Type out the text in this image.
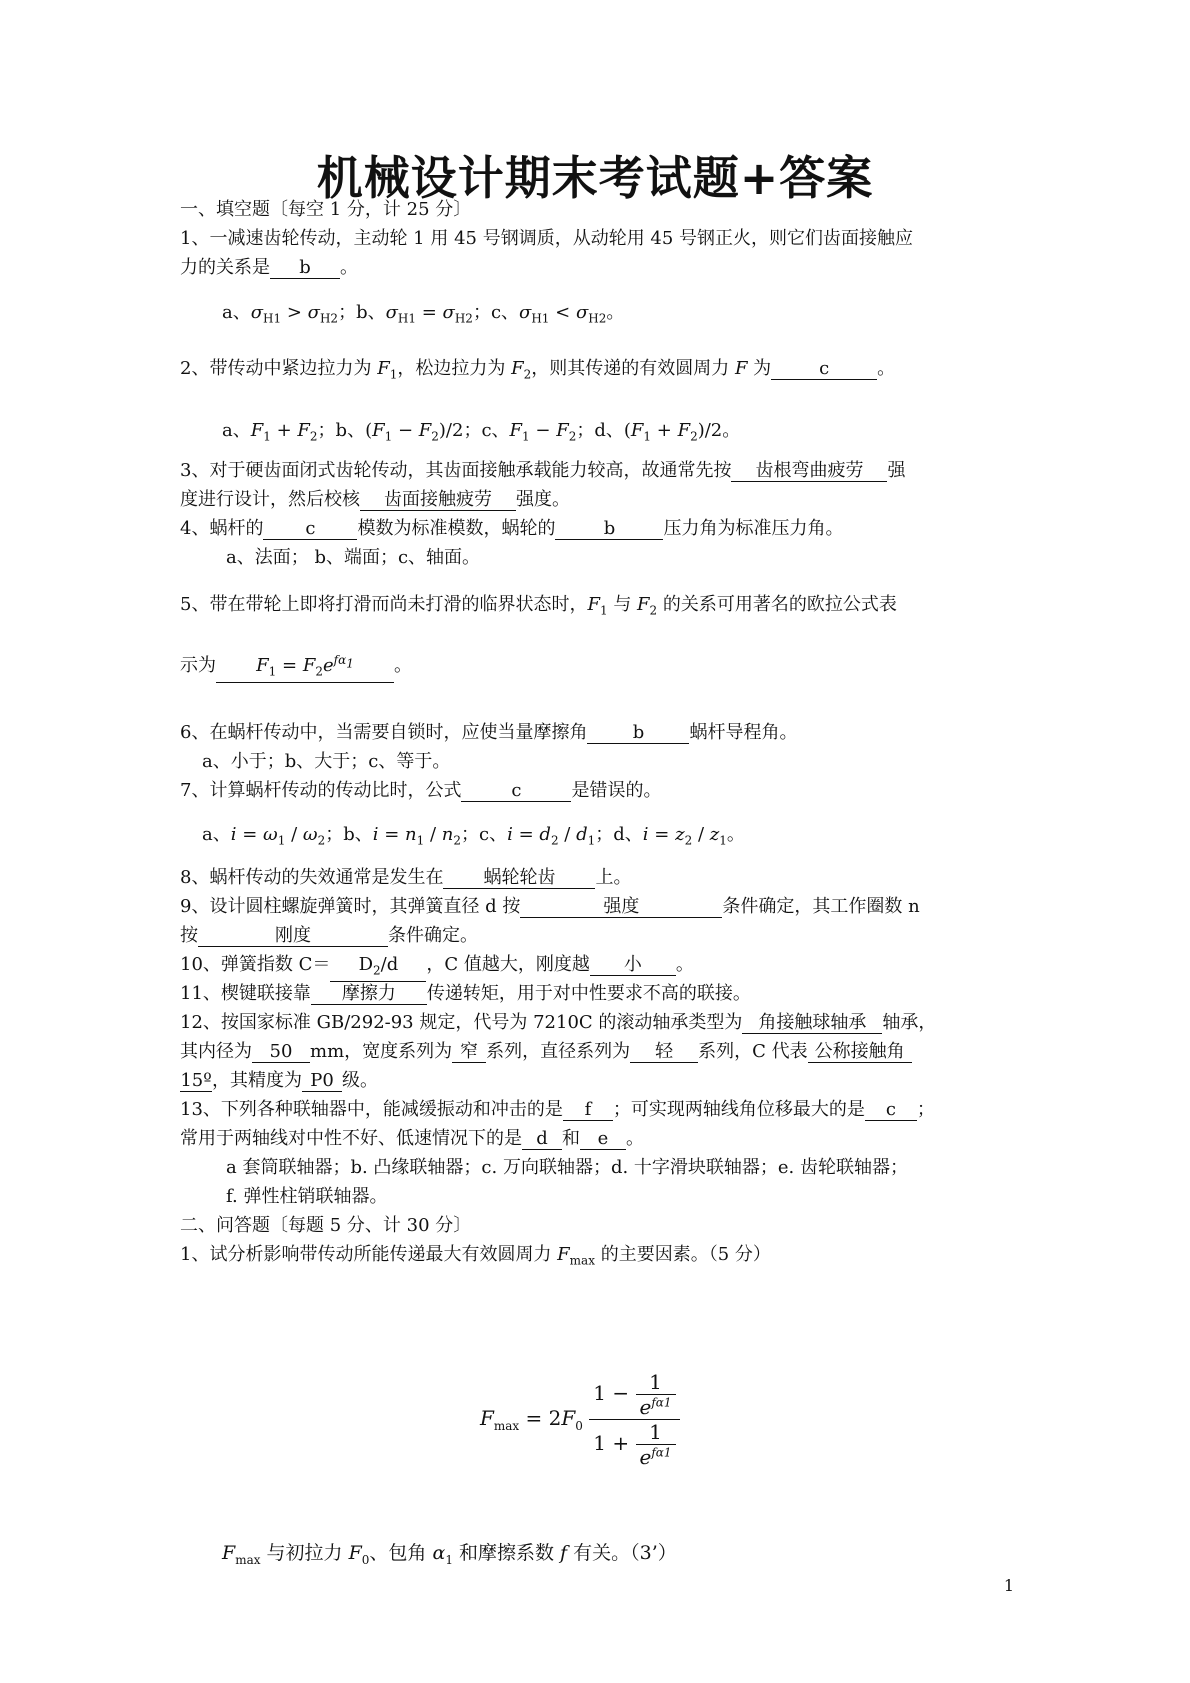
机械设计期末考试题+答案
一、填空题〔每空 1 分，计 25 分〕
1、一减速齿轮传动，主动轮 1 用 45 号钢调质，从动轮用 45 号钢正火，则它们齿面接触应
力的关系是 b 。
a、$\sigma_{H1} > \sigma_{H2}$；b、$\sigma_{H1} = \sigma_{H2}$；c、$\sigma_{H1} < \sigma_{H2}$。
2、带传动中紧边拉力为 $F_1$，松边拉力为 $F_2$，则其传递的有效圆周力 F 为	c	。
a、$F_1 + F_2$；b、$(F_1 - F_2)/2$；c、$F_1 - F_2$；d、$(F_1 + F_2)/2$。
3、对于硬齿面闭式齿轮传动，其齿面接触承载能力较高，故通常先按 齿根弯曲疲劳 强
度进行设计，然后校核 齿面接触疲劳 强度。
4、蜗杆的 c 模数为标准模数，蜗轮的	b	压力角为标准压力角。
a、法面； b、端面；c、轴面。
5、带在带轮上即将打滑而尚未打滑的临界状态时，$F_1$ 与 $F_2$ 的关系可用著名的欧拉公式表
示为 $F_1 = F_2e^{f\alpha_1}$ 。
6、在蜗杆传动中，当需要自锁时，应使当量摩擦角	b	蜗杆导程角。
a、小于；b、大于；c、等于。
7、计算蜗杆传动的传动比时，公式	c	是错误的。
a、$i = \omega_1 / \omega_2$；b、$i = n_1 / n_2$；c、$i = d_2 / d_1$；d、$i = z_2 / z_1$。
8、蜗杆传动的失效通常是发生在 蜗轮轮齿 上。
9、设计圆柱螺旋弹簧时，其弹簧直径 d 按	强度	条件确定，其工作圈数 n
按	刚度	条件确定。
10、弹簧指数 $C= D_2/d$ ，C 值越大，刚度越 小 。
11、楔键联接靠 摩擦力 传递转矩，用于对中性要求不高的联接。
12、按国家标准 GB/292-93 规定，代号为 7210C 的滚动轴承类型为 角接触球轴承 轴承，
其内径为 50 mm，宽度系列为 窄 系列，直径系列为 轻 系列，C 代表 公称接触角
15º，其精度为 P0 级。
13、下列各种联轴器中，能减缓振动和冲击的是 f ；可实现两轴线角位移最大的是 c ；
常用于两轴线对中性不好、低速情况下的是 d 和 e 。
a 套筒联轴器；b. 凸缘联轴器；c. 万向联轴器；d. 十字滑块联轴器；e. 齿轮联轴器；
f. 弹性柱销联轴器。
二、问答题〔每题 5 分、计 30 分〕
1、试分析影响带传动所能传递最大有效圆周力 $F_{max}$ 的主要因素。（5 分）
$F_{max} = 2F_0 \frac{1 - \frac{1}{e^{f\alpha 1}}}{1 + \frac{1}{e^{f\alpha 1}}}$
$F_{max}$ 与初拉力 $F_0$、包角 $\alpha_1$ 和摩擦系数 f 有关。（3’）
1
